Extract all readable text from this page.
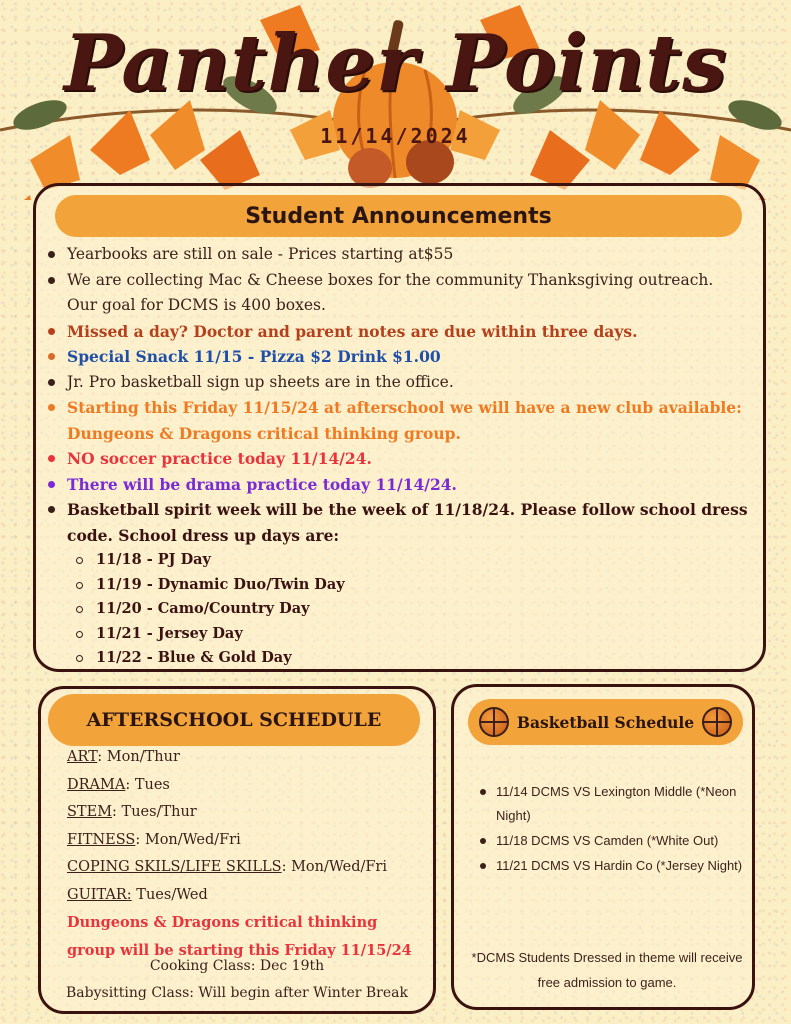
Panther Points
11/14/2024
Student Announcements
Yearbooks are still on sale - Prices starting at$55
We are collecting Mac & Cheese boxes for the community Thanksgiving outreach. Our goal for DCMS is 400 boxes.
Missed a day? Doctor and parent notes are due within three days.
Special Snack 11/15 - Pizza $2 Drink $1.00
Jr. Pro basketball sign up sheets are in the office.
Starting this Friday 11/15/24 at afterschool we will have a new club available: Dungeons & Dragons critical thinking group.
NO soccer practice today 11/14/24.
There will be drama practice today 11/14/24.
Basketball spirit week will be the week of 11/18/24. Please follow school dress code. School dress up days are:
11/18 - PJ Day
11/19 - Dynamic Duo/Twin Day
11/20 - Camo/Country Day
11/21 - Jersey Day
11/22 - Blue & Gold Day
AFTERSCHOOL SCHEDULE
ART: Mon/Thur
DRAMA: Tues
STEM: Tues/Thur
FITNESS: Mon/Wed/Fri
COPING SKILS/LIFE SKILLS: Mon/Wed/Fri
GUITAR: Tues/Wed
Dungeons & Dragons critical thinking group will be starting this Friday 11/15/24
Cooking Class: Dec 19th
Babysitting Class: Will begin after Winter Break
Basketball Schedule
11/14 DCMS VS Lexington Middle (*Neon Night)
11/18 DCMS VS Camden (*White Out)
11/21 DCMS VS Hardin Co (*Jersey Night)
*DCMS Students Dressed in theme will receive free admission to game.
